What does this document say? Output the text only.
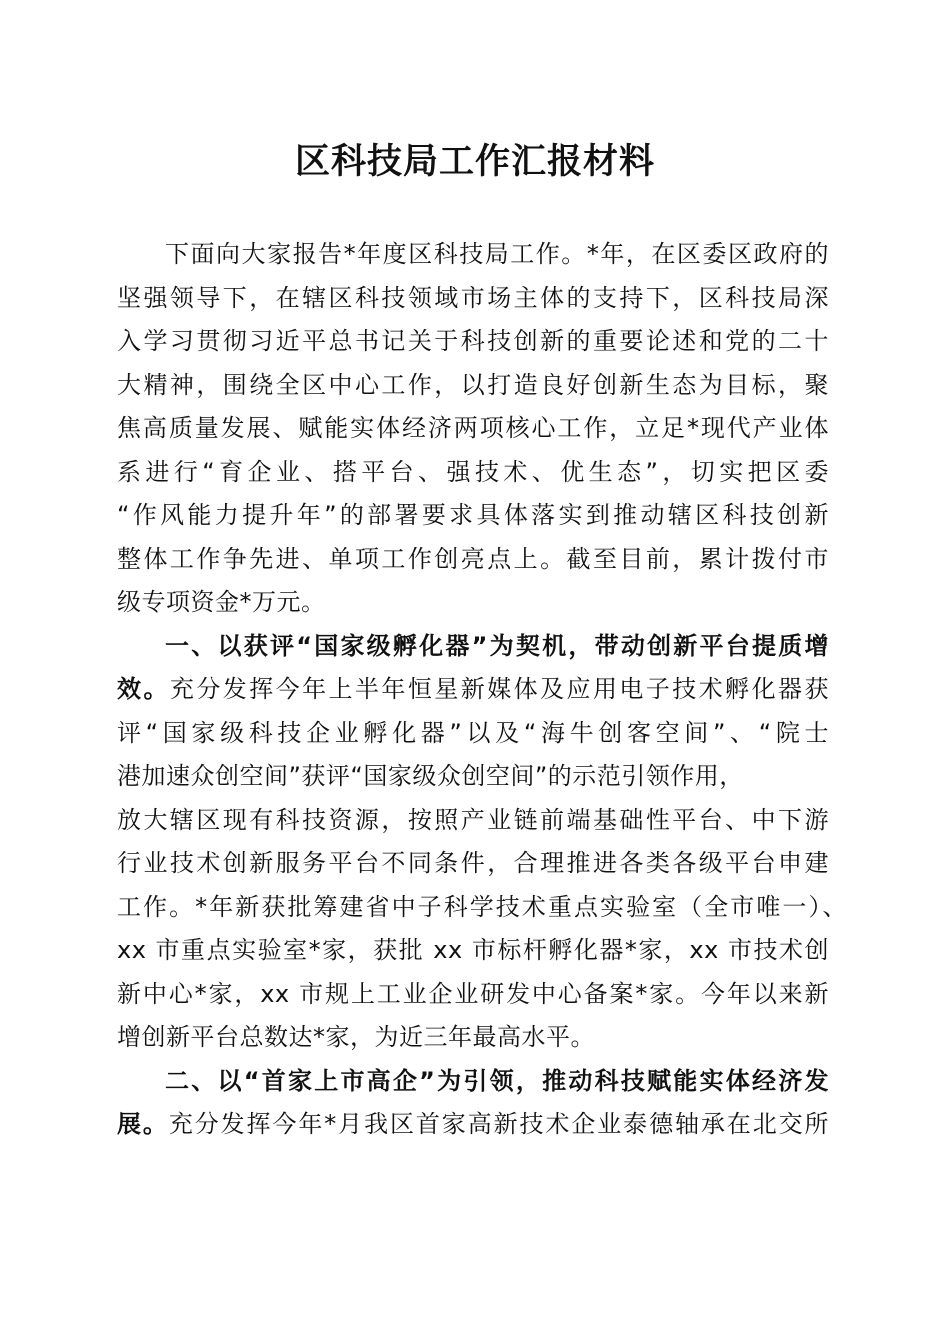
区科技局工作汇报材料
下面向大家报告*年度区科技局工作。*年，在区委区政府的
坚强领导下，在辖区科技领域市场主体的支持下，区科技局深
入学习贯彻习近平总书记关于科技创新的重要论述和党的二十
大精神，围绕全区中心工作，以打造良好创新生态为目标，聚
焦高质量发展、赋能实体经济两项核心工作，立足*现代产业体
系进行“育企业、搭平台、强技术、优生态”，切实把区委
“作风能力提升年”的部署要求具体落实到推动辖区科技创新
整体工作争先进、单项工作创亮点上。截至目前，累计拨付市
级专项资金*万元。
一、以获评“国家级孵化器”为契机，带动创新平台提质增
效。充分发挥今年上半年恒星新媒体及应用电子技术孵化器获
评“国家级科技企业孵化器”以及“海牛创客空间”、“院士
港加速众创空间”获评“国家级众创空间”的示范引领作用，
放大辖区现有科技资源，按照产业链前端基础性平台、中下游
行业技术创新服务平台不同条件，合理推进各类各级平台申建
工作。*年新获批筹建省中子科学技术重点实验室（全市唯一）、
xx 市重点实验室*家，获批 xx 市标杆孵化器*家，xx 市技术创
新中心*家，xx 市规上工业企业研发中心备案*家。今年以来新
增创新平台总数达*家，为近三年最高水平。
二、以“首家上市高企”为引领，推动科技赋能实体经济发
展。充分发挥今年*月我区首家高新技术企业泰德轴承在北交所
